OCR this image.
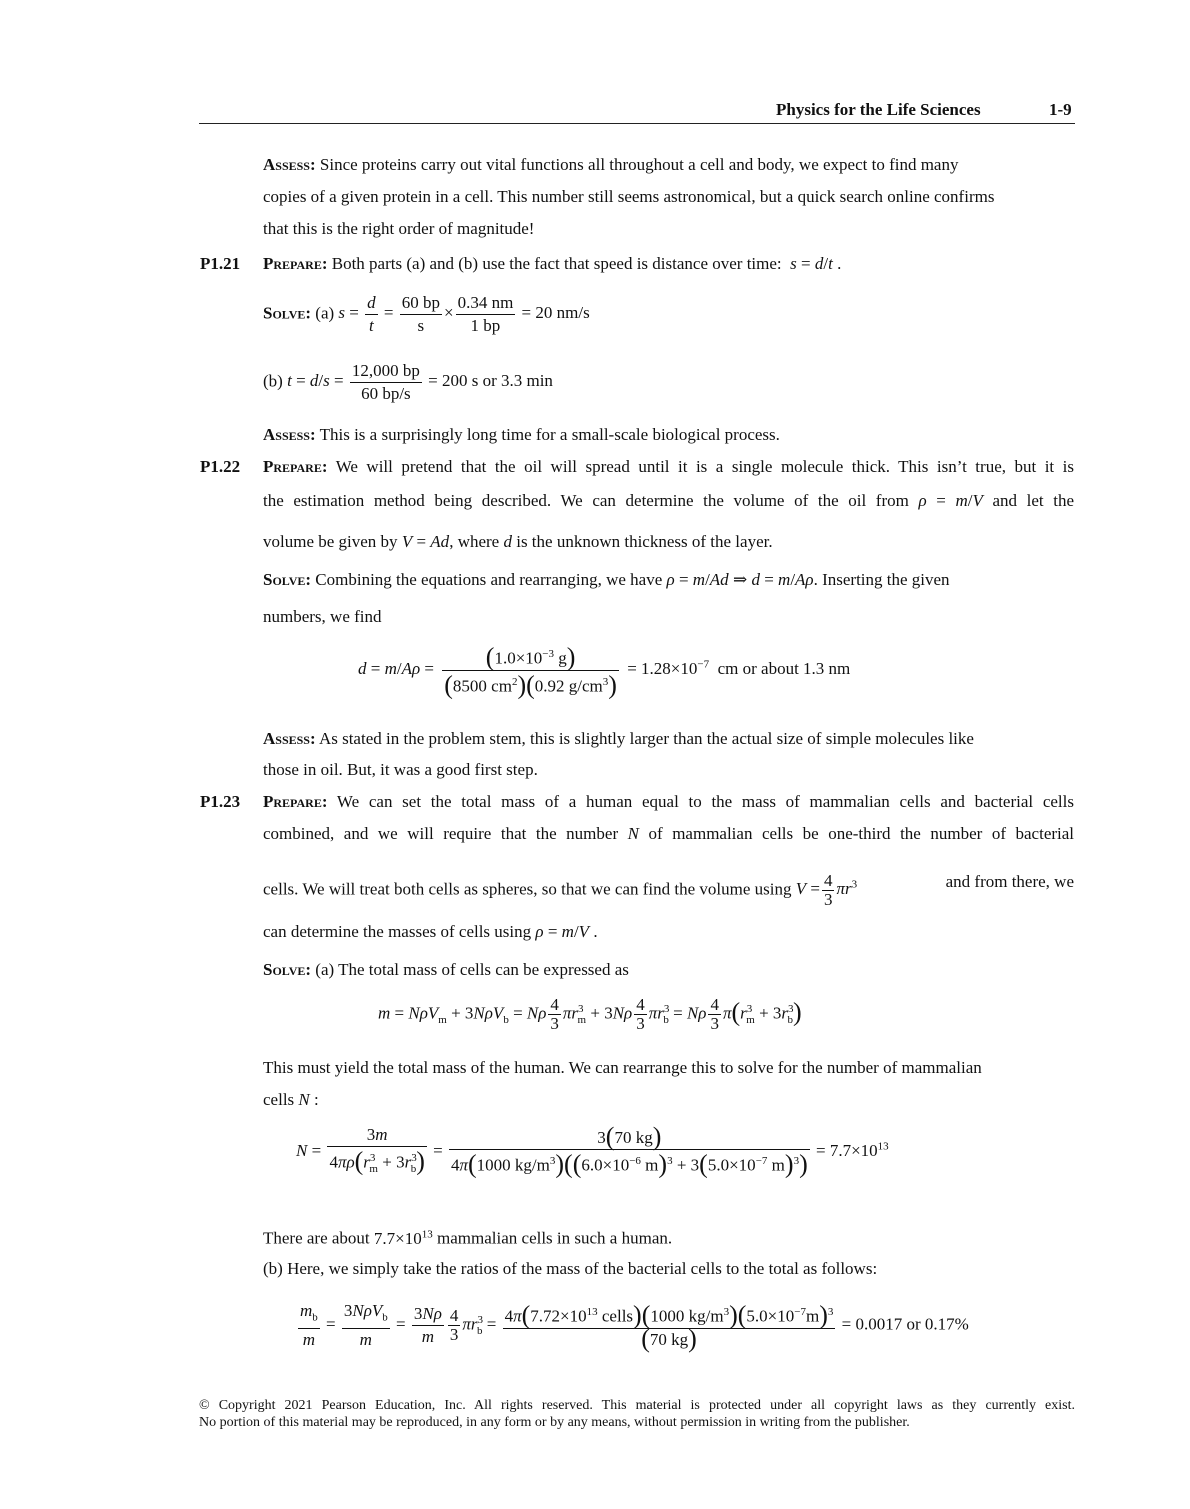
Physics for the Life Sciences	1-9
Assess: Since proteins carry out vital functions all throughout a cell and body, we expect to find many
copies of a given protein in a cell. This number still seems astronomical, but a quick search online confirms
that this is the right order of magnitude!
P1.21 Prepare: Both parts (a) and (b) use the fact that speed is distance over time: s = d/t .
Solve: (a) $s = \frac{d}{t} = \frac{60 bp}{s} \times \frac{0.34 nm}{1 bp} = 20$ nm/s
(b) $t = d/s = \frac{12,000 bp}{60 bp/s} = 200$ s or 3.3 min
Assess: This is a surprisingly long time for a small-scale biological process.
P1.22 Prepare: We will pretend that the oil will spread until it is a single molecule thick. This isn’t true, but it is
the estimation method being described. We can determine the volume of the oil from ρ = m/V and let the
volume be given by V = Ad, where d is the unknown thickness of the layer.
Solve: Combining the equations and rearranging, we have ρ = m/Ad ⇒ d = m/Aρ. Inserting the given
numbers, we find
$d = m/A\rho = \frac{(1.0\times 10^{-3} g)}{(8500 cm^2)(0.92 g/cm^3)} = 1.28\times 10^{-7}$ cm or about 1.3 nm
Assess: As stated in the problem stem, this is slightly larger than the actual size of simple molecules like
those in oil. But, it was a good first step.
P1.23 Prepare: We can set the total mass of a human equal to the mass of mammalian cells and bacterial cells
combined, and we will require that the number N of mammalian cells be one-third the number of bacterial
cells. We will treat both cells as spheres, so that we can find the volume using $V = \frac{4}{3} \pi r^3$	and from there, we
can determine the masses of cells using ρ = m/V .
Solve: (a) The total mass of cells can be expressed as
m = NρV$_m$ + 3NρV$_b$ = Nρ $\frac{4}{3} \pi r^3_m + 3N\rho \frac{4}{3} \pi r^3_b = N\rho \frac{4}{3} \pi(r^3_m + 3r^3_b)$
This must yield the total mass of the human. We can rearrange this to solve for the number of mammalian
cells N :
$N = \frac{3m}{4\pi\rho(r^3_m + 3r^3_b)} = \frac{3(70 kg)}{4\pi(1000 kg/m^3)((6.0\times 10^{-6} m)^3 + 3(5.0\times 10^{-7} m)^3)} = 7.7\times 10^{13}$
There are about $7.7\times 10^{13}$ mammalian cells in such a human.
(b) Here, we simply take the ratios of the mass of the bacterial cells to the total as follows:
$\frac{m_b}{m} = \frac{3N\rho V_b}{m} = \frac{3N\rho}{m} \frac{4}{3} \pi r^3_b = \frac{4\pi(7.72\times 10^{13} cells)(1000 kg/m^3)(5.0\times 10^{-7}m)^3}{(70 kg)} = 0.0017$ or 0.17%
© Copyright 2021 Pearson Education, Inc. All rights reserved. This material is protected under all copyright laws as they currently exist.
No portion of this material may be reproduced, in any form or by any means, without permission in writing from the publisher.
